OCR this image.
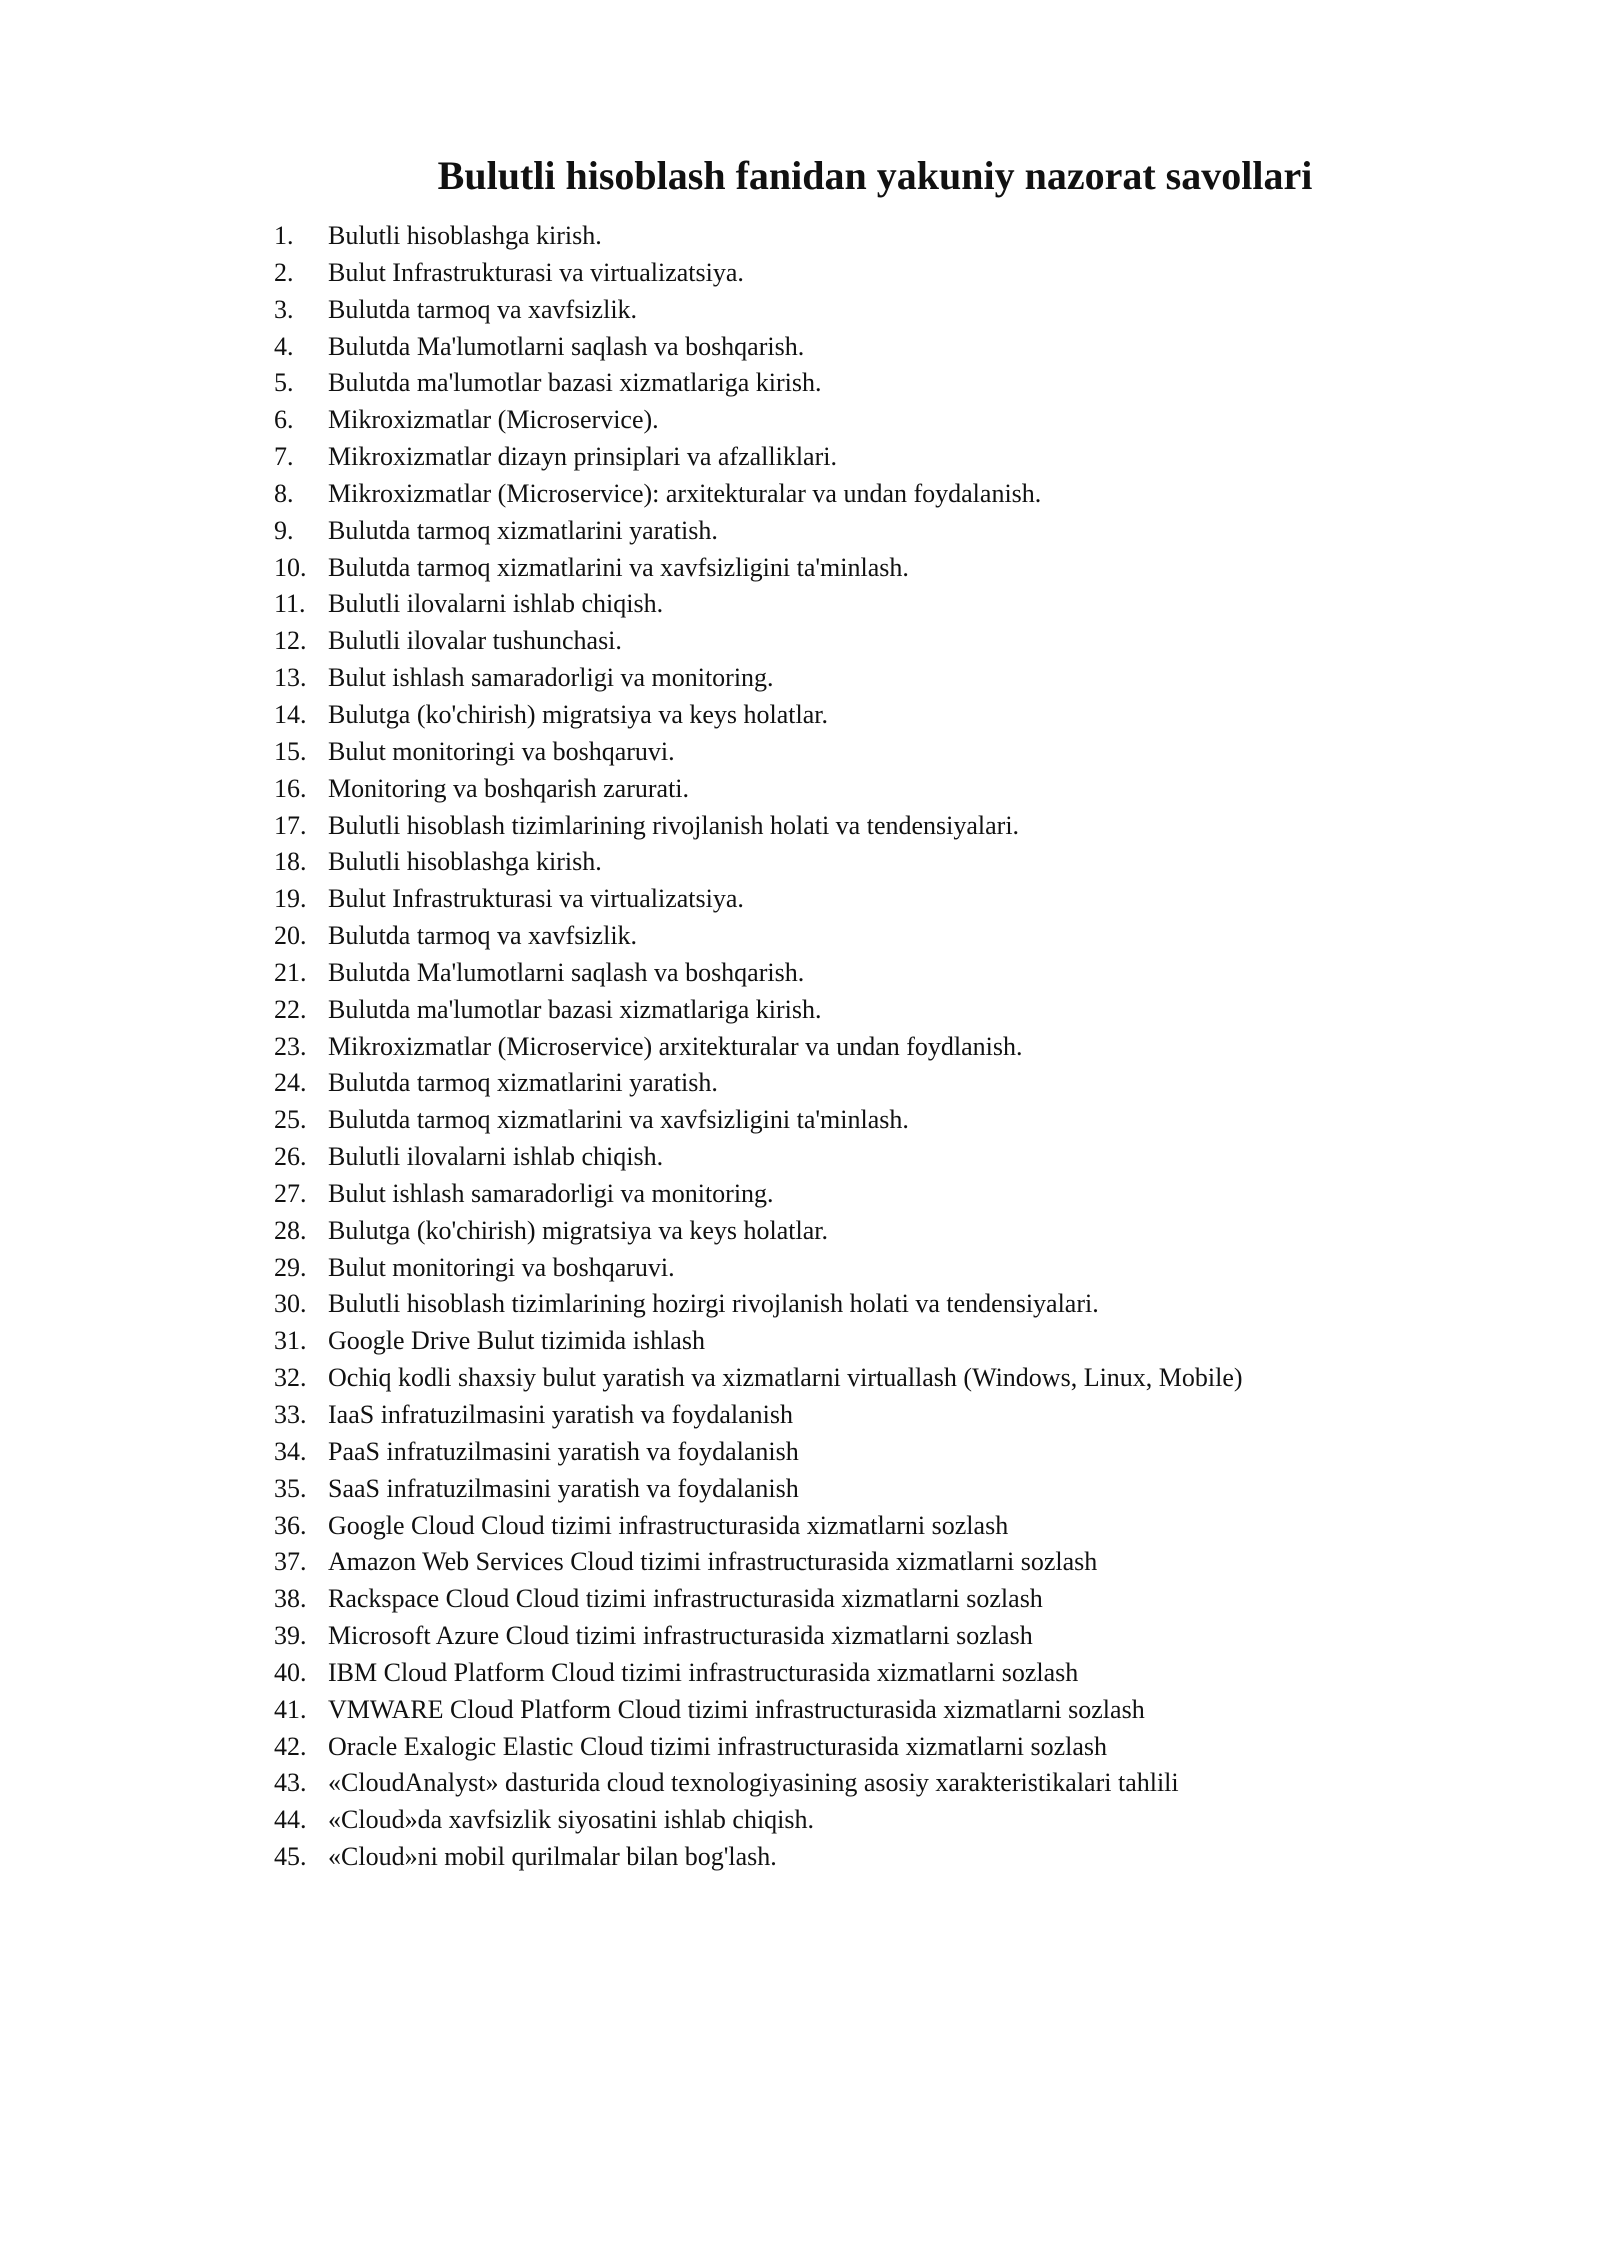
Bulutli hisoblash fanidan yakuniy nazorat savollari
1.	Bulutli hisoblashga kirish.
2.	Bulut Infrastrukturasi va virtualizatsiya.
3.	Bulutda tarmoq va xavfsizlik.
4.	Bulutda Ma'lumotlarni saqlash va boshqarish.
5.	Bulutda ma'lumotlar bazasi xizmatlariga kirish.
6.	Mikroxizmatlar (Microservice).
7.	Mikroxizmatlar dizayn prinsiplari va afzalliklari.
8.	Mikroxizmatlar (Microservice): arxitekturalar va undan foydalanish.
9.	Bulutda tarmoq xizmatlarini yaratish.
10. Bulutda tarmoq xizmatlarini va xavfsizligini ta'minlash.
11. Bulutli ilovalarni ishlab chiqish.
12. Bulutli ilovalar tushunchasi.
13. Bulut ishlash samaradorligi va monitoring.
14. Bulutga (ko'chirish) migratsiya va keys holatlar.
15. Bulut monitoringi va boshqaruvi.
16. Monitoring va boshqarish zarurati.
17. Bulutli hisoblash tizimlarining rivojlanish holati va tendensiyalari.
18. Bulutli hisoblashga kirish.
19. Bulut Infrastrukturasi va virtualizatsiya.
20. Bulutda tarmoq va xavfsizlik.
21. Bulutda Ma'lumotlarni saqlash va boshqarish.
22. Bulutda ma'lumotlar bazasi xizmatlariga kirish.
23. Mikroxizmatlar (Microservice) arxitekturalar va undan foydlanish.
24. Bulutda tarmoq xizmatlarini yaratish.
25. Bulutda tarmoq xizmatlarini va xavfsizligini ta'minlash.
26. Bulutli ilovalarni ishlab chiqish.
27. Bulut ishlash samaradorligi va monitoring.
28. Bulutga (ko'chirish) migratsiya va keys holatlar.
29. Bulut monitoringi va boshqaruvi.
30. Bulutli hisoblash tizimlarining hozirgi rivojlanish holati va tendensiyalari.
31. Google Drive Bulut tizimida ishlash
32. Ochiq kodli shaxsiy bulut yaratish va xizmatlarni virtuallash (Windows, Linux, Mobile)
33. IaaS infratuzilmasini yaratish va foydalanish
34. PaaS infratuzilmasini yaratish va foydalanish
35. SaaS infratuzilmasini yaratish va foydalanish
36. Google Cloud Cloud tizimi infrastructurasida xizmatlarni sozlash
37. Amazon Web Services Cloud tizimi infrastructurasida xizmatlarni sozlash
38. Rackspace Cloud Cloud tizimi infrastructurasida xizmatlarni sozlash
39. Microsoft Azure Cloud tizimi infrastructurasida xizmatlarni sozlash
40. IBM Cloud Platform Cloud tizimi infrastructurasida xizmatlarni sozlash
41. VMWARE Cloud Platform Cloud tizimi infrastructurasida xizmatlarni sozlash
42. Oracle Exalogic Elastic Cloud tizimi infrastructurasida xizmatlarni sozlash
43. «CloudAnalyst» dasturida cloud texnologiyasining asosiy xarakteristikalari tahlili
44. «Cloud»da xavfsizlik siyosatini ishlab chiqish.
45. «Cloud»ni mobil qurilmalar bilan bog'lash.
